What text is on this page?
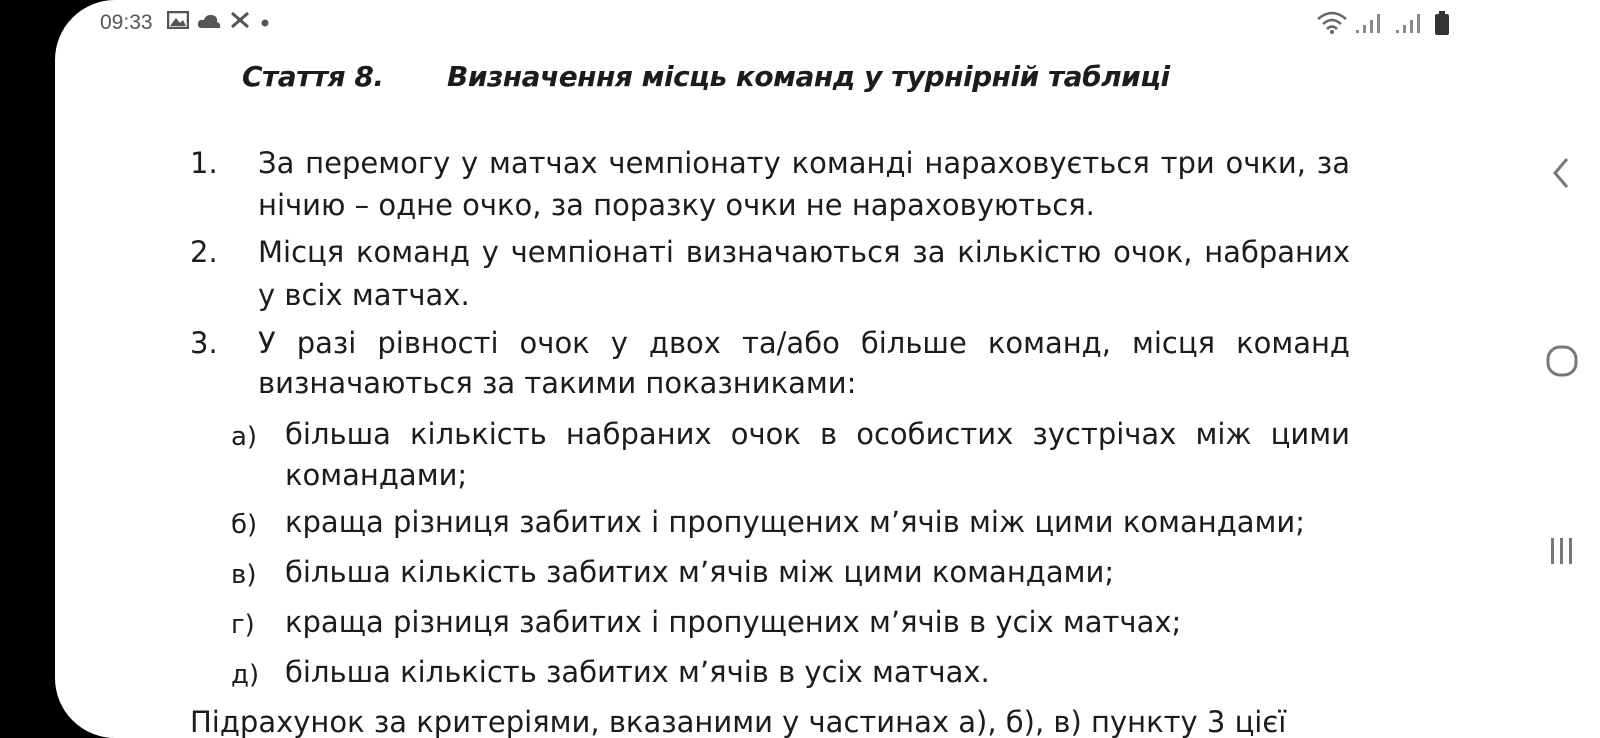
09:33
Стаття 8. Визначення місць команд у турнірній таблиці
1. За перемогу у матчах чемпіонату команді нараховується три очки, за
нічию – одне очко, за поразку очки не нараховуються.
2. Місця команд у чемпіонаті визначаються за кількістю очок, набраних
у всіх матчах.
3. У разі рівності очок у двох та/або більше команд, місця команд
визначаються за такими показниками:
а) більша кількість набраних очок в особистих зустрічах між цими
командами;
б) краща різниця забитих і пропущених м’ячів між цими командами;
в) більша кількість забитих м’ячів між цими командами;
г) краща різниця забитих і пропущених м’ячів в усіх матчах;
д) більша кількість забитих м’ячів в усіх матчах.
Підрахунок за критеріями, вказаними у частинах а), б), в) пункту 3 цієї
